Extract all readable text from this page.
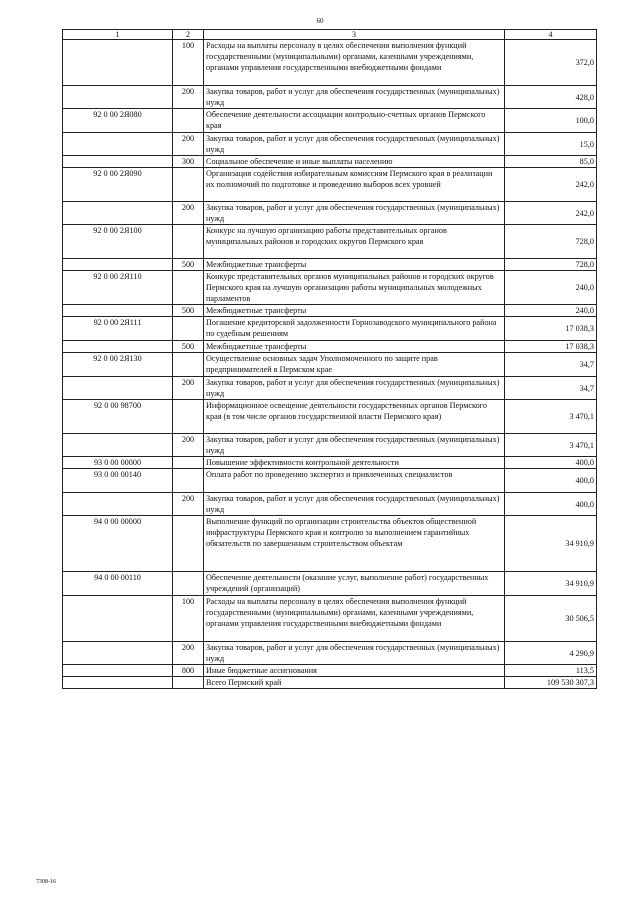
60
1	2	3	4
	100	Расходы на выплаты персоналу в целях обеспечения выполнения функций государственными (муниципальными) органами, казенными учреждениями, органами управления государственными внебюджетными фондами	372,0
	200	Закупка товаров, работ и услуг для обеспечения государственных (муниципальных) нужд	428,0
92 0 00 2Я080		Обеспечение деятельности ассоциации контрольно-счетных органов Пермского края	100,0
	200	Закупка товаров, работ и услуг для обеспечения государственных (муниципальных) нужд	15,0
	300	Социальное обеспечение и иные выплаты населению	85,0
92 0 00 2Я090		Организация содействия избирательным комиссиям Пермского края в реализации их полномочий по подготовке и проведению выборов всех уровней	242,0
	200	Закупка товаров, работ и услуг для обеспечения государственных (муниципальных) нужд	242,0
92 0 00 2Я100		Конкурс на лучшую организацию работы представительных органов муниципальных районов и городских округов Пермского края	728,0
	500	Межбюджетные трансферты	728,0
92 0 00 2Я110		Конкурс представительных органов муниципальных районов и городских округов Пермского края на лучшую организацию работы муниципальных молодежных парламентов	240,0
	500	Межбюджетные трансферты	240,0
92 0 00 2Я111		Погашение кредиторской задолженности Горнозаводского муниципального района по судебным решениям	17 038,3
	500	Межбюджетные трансферты	17 038,3
92 0 00 2Я130		Осуществление основных задач Уполномоченного по защите прав предпринимателей в Пермском крае	34,7
	200	Закупка товаров, работ и услуг для обеспечения государственных (муниципальных) нужд	34,7
92 0 00 98700		Информационное освещение деятельности государственных органов Пермского края (в том числе органов государственной власти Пермского края)	3 470,1
	200	Закупка товаров, работ и услуг для обеспечения государственных (муниципальных) нужд	3 470,1
93 0 00 00000		Повышение эффективности контрольной деятельности	400,0
93 0 00 00140		Оплата работ по проведению экспертиз и привлеченных специалистов	400,0
	200	Закупка товаров, работ и услуг для обеспечения государственных (муниципальных) нужд	400,0
94 0 00 00000		Выполнение функций по организации строительства объектов общественной инфраструктуры Пермского края и контролю за выполнением гарантийных обязательств по завершенным строительством объектам	34 910,9
94 0 00 00110		Обеспечение деятельности (оказание услуг, выполнение работ) государственных учреждений (организаций)	34 910,9
	100	Расходы на выплаты персоналу в целях обеспечения выполнения функций государственными (муниципальными) органами, казенными учреждениями, органами управления государственными внебюджетными фондами	30 506,5
	200	Закупка товаров, работ и услуг для обеспечения государственных (муниципальных) нужд	4 290,9
	800	Иные бюджетные ассигнования	113,5
		Всего Пермский край	109 530 307,3
7308-16
